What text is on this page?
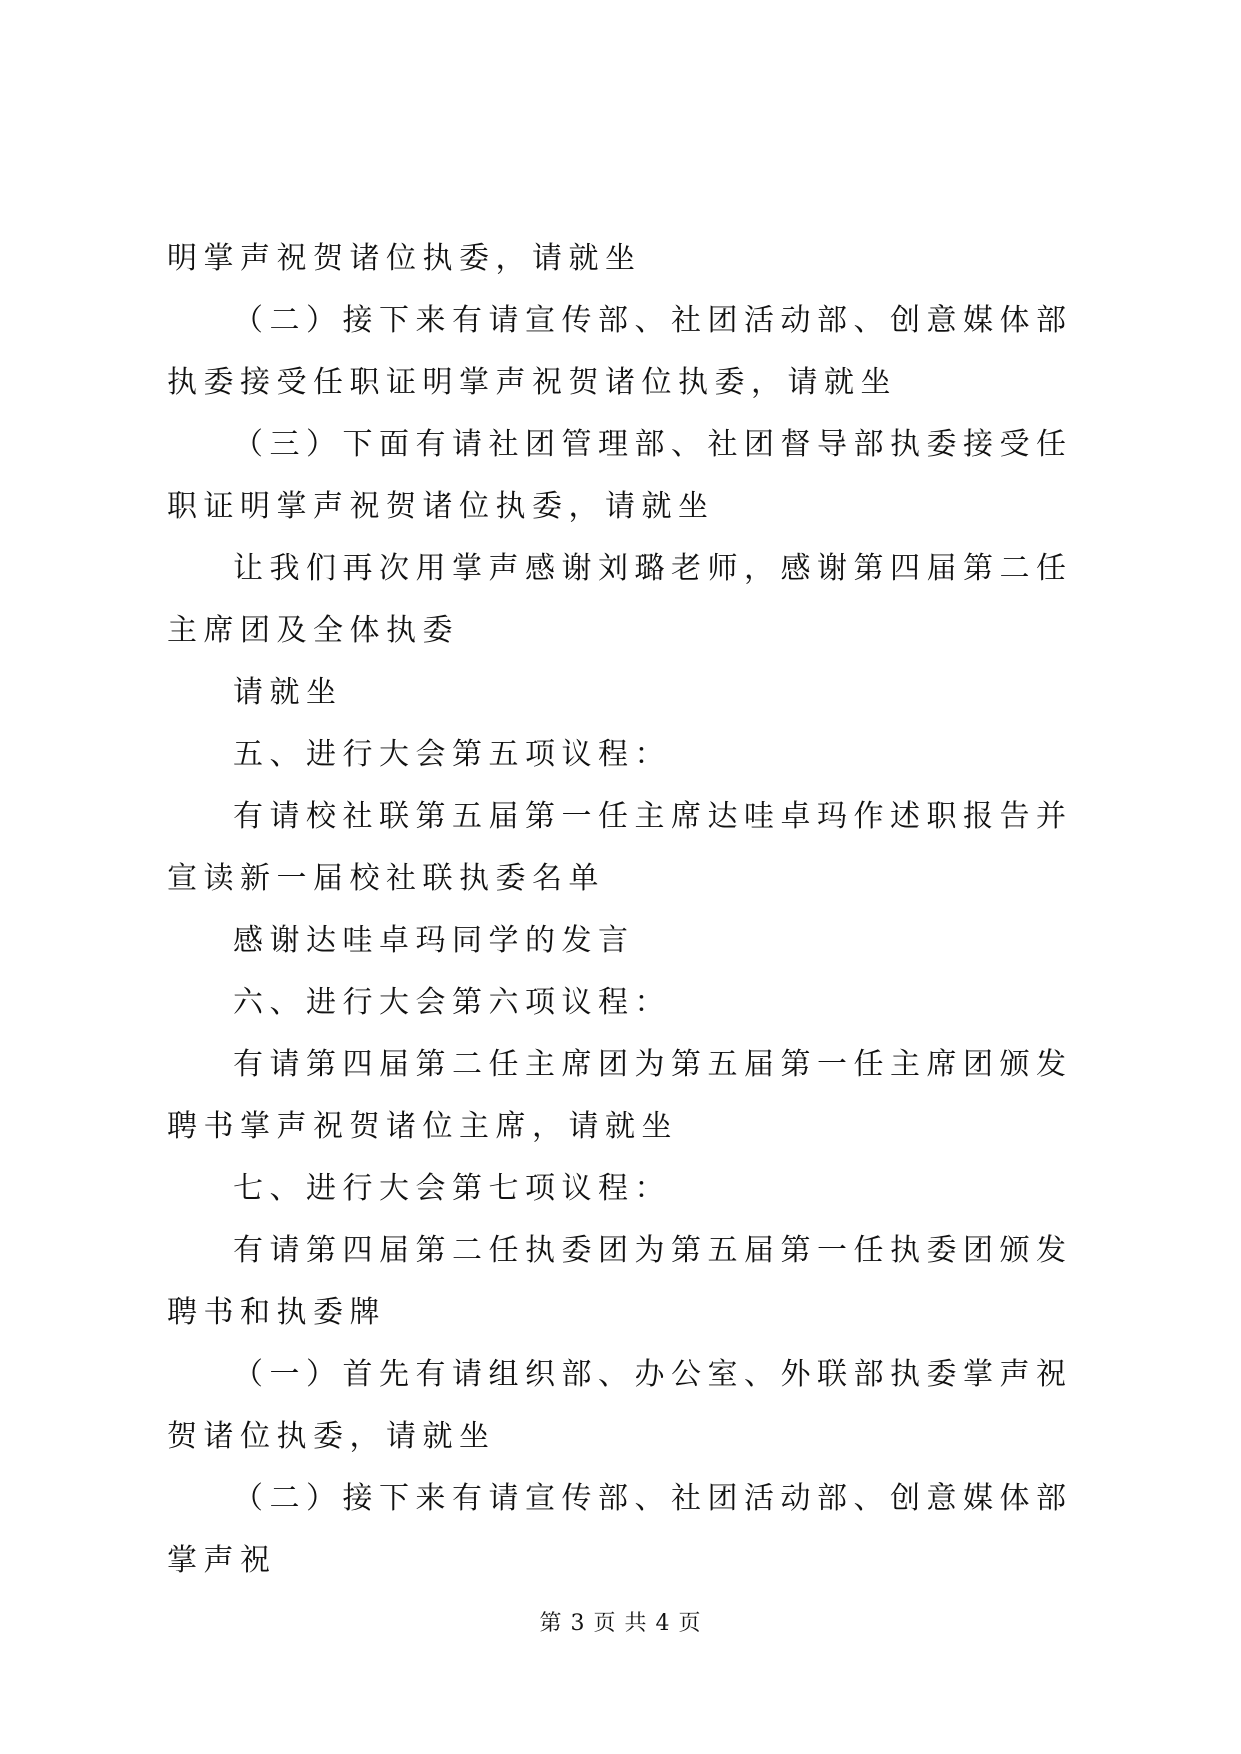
明掌声祝贺诸位执委，请就坐

（二）接下来有请宣传部、社团活动部、创意媒体部执委接受任职证明掌声祝贺诸位执委，请就坐

（三）下面有请社团管理部、社团督导部执委接受任职证明掌声祝贺诸位执委，请就坐

让我们再次用掌声感谢刘璐老师，感谢第四届第二任主席团及全体执委

请就坐

五、进行大会第五项议程：

有请校社联第五届第一任主席达哇卓玛作述职报告并宣读新一届校社联执委名单

感谢达哇卓玛同学的发言

六、进行大会第六项议程：

有请第四届第二任主席团为第五届第一任主席团颁发聘书掌声祝贺诸位主席，请就坐

七、进行大会第七项议程：

有请第四届第二任执委团为第五届第一任执委团颁发聘书和执委牌

（一）首先有请组织部、办公室、外联部执委掌声祝贺诸位执委，请就坐

（二）接下来有请宣传部、社团活动部、创意媒体部掌声祝

第 3 页 共 4 页
